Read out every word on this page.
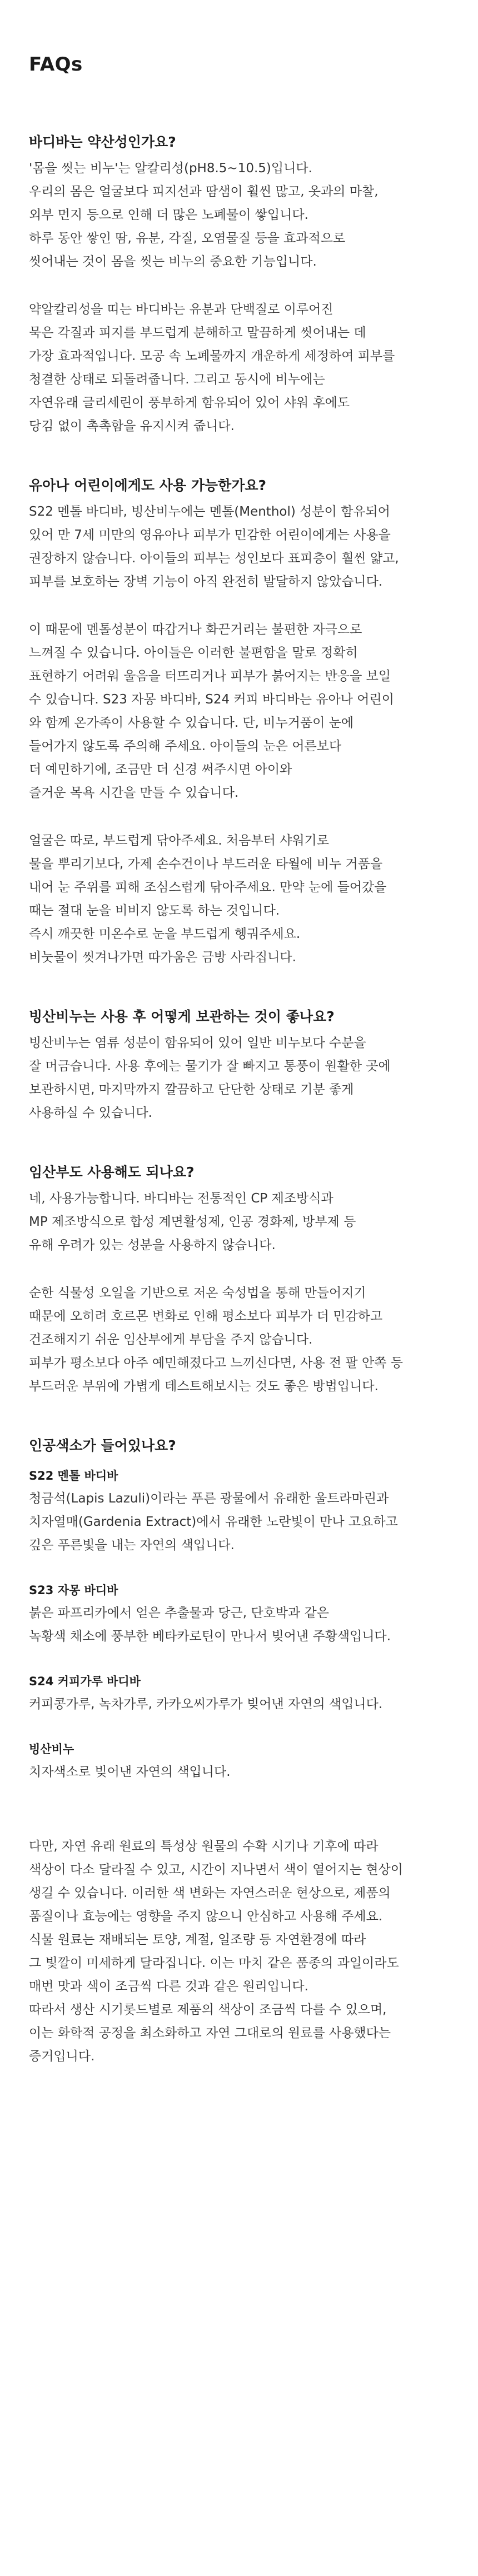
FAQs
바디바는 약산성인가요?

'몸을 씻는 비누'는 알칼리성(pH8.5~10.5)입니다.
우리의 몸은 얼굴보다 피지선과 땀샘이 훨씬 많고, 옷과의 마찰,
외부 먼지 등으로 인해 더 많은 노폐물이 쌓입니다.
하루 동안 쌓인 땀, 유분, 각질, 오염물질 등을 효과적으로
씻어내는 것이 몸을 씻는 비누의 중요한 기능입니다.

약알칼리성을 띠는 바디바는 유분과 단백질로 이루어진
묵은 각질과 피지를 부드럽게 분해하고 말끔하게 씻어내는 데
가장 효과적입니다. 모공 속 노폐물까지 개운하게 세정하여 피부를
청결한 상태로 되돌려줍니다. 그리고 동시에 비누에는
자연유래 글리세린이 풍부하게 함유되어 있어 샤워 후에도
당김 없이 촉촉함을 유지시켜 줍니다.

유아나 어린이에게도 사용 가능한가요?

S22 멘톨 바디바, 빙산비누에는 멘톨(Menthol) 성분이 함유되어
있어 만 7세 미만의 영유아나 피부가 민감한 어린이에게는 사용을
권장하지 않습니다. 아이들의 피부는 성인보다 표피층이 훨씬 얇고,
피부를 보호하는 장벽 기능이 아직 완전히 발달하지 않았습니다.

이 때문에 멘톨성분이 따갑거나 화끈거리는 불편한 자극으로
느껴질 수 있습니다. 아이들은 이러한 불편함을 말로 정확히
표현하기 어려워 울음을 터뜨리거나 피부가 붉어지는 반응을 보일
수 있습니다. S23 자몽 바디바, S24 커피 바디바는 유아나 어린이
와 함께 온가족이 사용할 수 있습니다. 단, 비누거품이 눈에
들어가지 않도록 주의해 주세요. 아이들의 눈은 어른보다
더 예민하기에, 조금만 더 신경 써주시면 아이와
즐거운 목욕 시간을 만들 수 있습니다.

얼굴은 따로, 부드럽게 닦아주세요. 처음부터 샤워기로
물을 뿌리기보다, 가제 손수건이나 부드러운 타월에 비누 거품을
내어 눈 주위를 피해 조심스럽게 닦아주세요. 만약 눈에 들어갔을
때는 절대 눈을 비비지 않도록 하는 것입니다.
즉시 깨끗한 미온수로 눈을 부드럽게 헹궈주세요.
비눗물이 씻겨나가면 따가움은 금방 사라집니다.

빙산비누는 사용 후 어떻게 보관하는 것이 좋나요?

빙산비누는 염류 성분이 함유되어 있어 일반 비누보다 수분을
잘 머금습니다. 사용 후에는 물기가 잘 빠지고 통풍이 원활한 곳에
보관하시면, 마지막까지 깔끔하고 단단한 상태로 기분 좋게
사용하실 수 있습니다.

임산부도 사용해도 되나요?

네, 사용가능합니다. 바디바는 전통적인 CP 제조방식과
MP 제조방식으로 합성 계면활성제, 인공 경화제, 방부제 등
유해 우려가 있는 성분을 사용하지 않습니다.

순한 식물성 오일을 기반으로 저온 숙성법을 통해 만들어지기
때문에 오히려 호르몬 변화로 인해 평소보다 피부가 더 민감하고
건조해지기 쉬운 임산부에게 부담을 주지 않습니다.
피부가 평소보다 아주 예민해졌다고 느끼신다면, 사용 전 팔 안쪽 등
부드러운 부위에 가볍게 테스트해보시는 것도 좋은 방법입니다.

인공색소가 들어있나요?

S22 멘톨 바디바

청금석(Lapis Lazuli)이라는 푸른 광물에서 유래한 울트라마린과
치자열매(Gardenia Extract)에서 유래한 노란빛이 만나 고요하고
깊은 푸른빛을 내는 자연의 색입니다.

S23 자몽 바디바

붉은 파프리카에서 얻은 추출물과 당근, 단호박과 같은
녹황색 채소에 풍부한 베타카로틴이 만나서 빚어낸 주황색입니다.

S24 커피가루 바디바

커피콩가루, 녹차가루, 카카오씨가루가 빚어낸 자연의 색입니다.

빙산비누

치자색소로 빚어낸 자연의 색입니다.

다만, 자연 유래 원료의 특성상 원물의 수확 시기나 기후에 따라
색상이 다소 달라질 수 있고, 시간이 지나면서 색이 옅어지는 현상이
생길 수 있습니다. 이러한 색 변화는 자연스러운 현상으로, 제품의
품질이나 효능에는 영향을 주지 않으니 안심하고 사용해 주세요.
식물 원료는 재배되는 토양, 계절, 일조량 등 자연환경에 따라
그 빛깔이 미세하게 달라집니다. 이는 마치 같은 품종의 과일이라도
매번 맛과 색이 조금씩 다른 것과 같은 원리입니다.
따라서 생산 시기롯드별로 제품의 색상이 조금씩 다를 수 있으며,
이는 화학적 공정을 최소화하고 자연 그대로의 원료를 사용했다는
증거입니다.
